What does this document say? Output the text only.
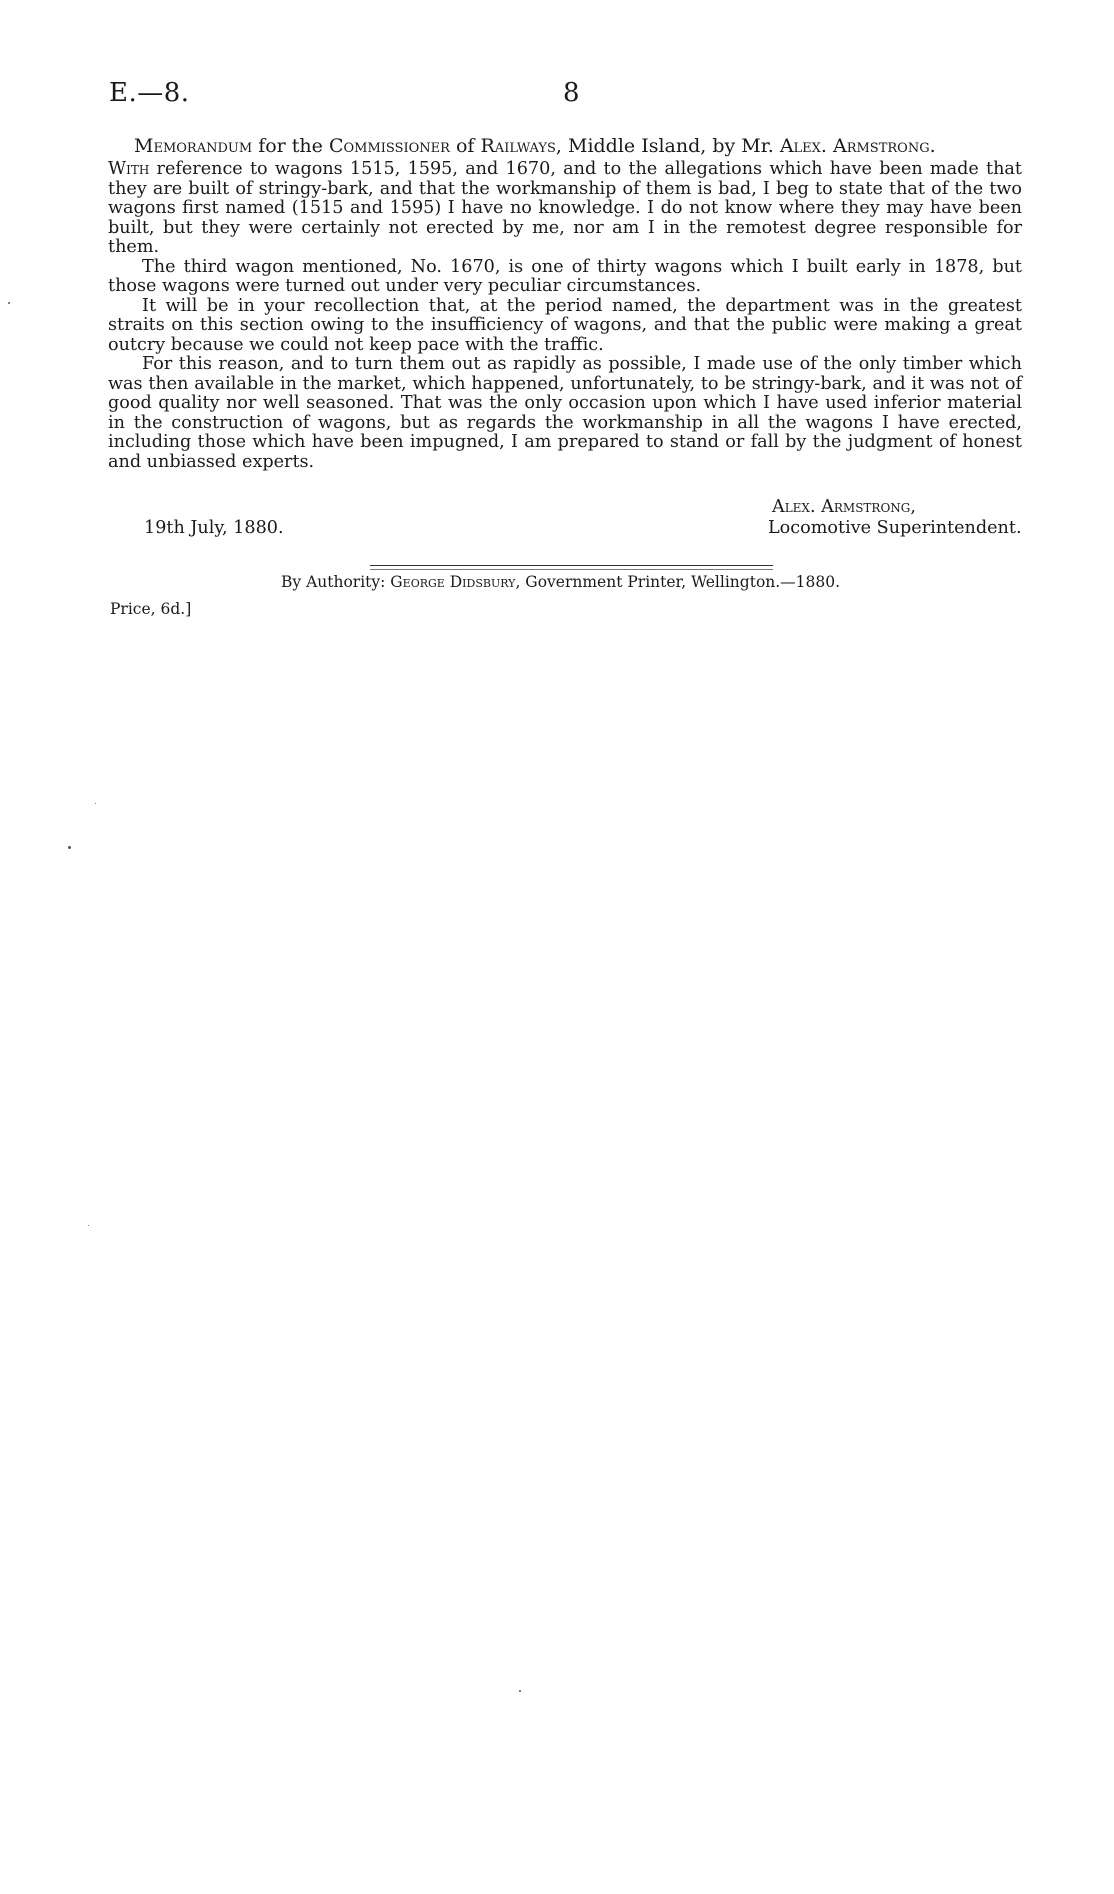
E.—8.	8
Memorandum for the Commissioner of Railways, Middle Island, by Mr. Alex. Armstrong.

With reference to wagons 1515, 1595, and 1670, and to the allegations which have been made that they are built of stringy-bark, and that the workmanship of them is bad, I beg to state that of the two wagons first named (1515 and 1595) I have no knowledge. I do not know where they may have been built, but they were certainly not erected by me, nor am I in the remotest degree responsible for them.

The third wagon mentioned, No. 1670, is one of thirty wagons which I built early in 1878, but those wagons were turned out under very peculiar circumstances.

It will be in your recollection that, at the period named, the department was in the greatest straits on this section owing to the insufficiency of wagons, and that the public were making a great outcry because we could not keep pace with the traffic.

For this reason, and to turn them out as rapidly as possible, I made use of the only timber which was then available in the market, which happened, unfortunately, to be stringy-bark, and it was not of good quality nor well seasoned. That was the only occasion upon which I have used inferior material in the construction of wagons, but as regards the workmanship in all the wagons I have erected, including those which have been impugned, I am prepared to stand or fall by the judgment of honest and unbiassed experts.

Alex. Armstrong,
19th July, 1880.	Locomotive Superintendent.
By Authority: George Didsbury, Government Printer, Wellington.—1880.
Price, 6d.]
